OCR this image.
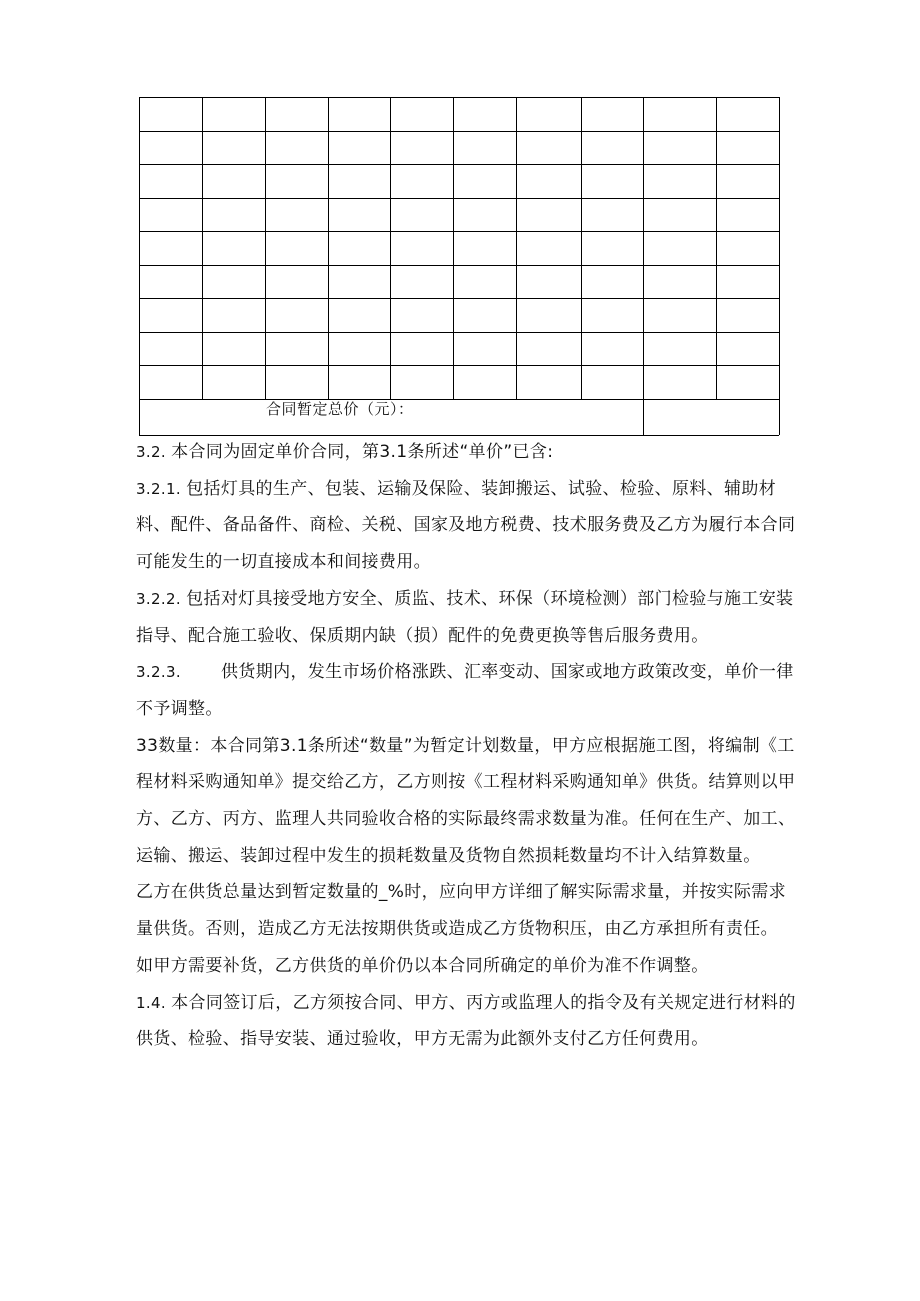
合同暂定总价（元）：

3.2. 本合同为固定单价合同，第3.1条所述“单价”已含:

3.2.1. 包括灯具的生产、包装、运输及保险、装卸搬运、试验、检验、原料、辅助材料、配件、备品备件、商检、关税、国家及地方税费、技术服务费及乙方为履行本合同可能发生的一切直接成本和间接费用。

3.2.2. 包括对灯具接受地方安全、质监、技术、环保（环境检测）部门检验与施工安装指导、配合施工验收、保质期内缺（损）配件的免费更换等售后服务费用。

3.2.3. 供货期内，发生市场价格涨跌、汇率变动、国家或地方政策改变，单价一律不予调整。

33数量：本合同第3.1条所述“数量”为暂定计划数量，甲方应根据施工图，将编制《工程材料采购通知单》提交给乙方，乙方则按《工程材料采购通知单》供货。结算则以甲方、乙方、丙方、监理人共同验收合格的实际最终需求数量为准。任何在生产、加工、运输、搬运、装卸过程中发生的损耗数量及货物自然损耗数量均不计入结算数量。

乙方在供货总量达到暂定数量的_%时，应向甲方详细了解实际需求量，并按实际需求量供货。否则，造成乙方无法按期供货或造成乙方货物积压，由乙方承担所有责任。

如甲方需要补货，乙方供货的单价仍以本合同所确定的单价为准不作调整。

1.4. 本合同签订后，乙方须按合同、甲方、丙方或监理人的指令及有关规定进行材料的供货、检验、指导安装、通过验收，甲方无需为此额外支付乙方任何费用。
